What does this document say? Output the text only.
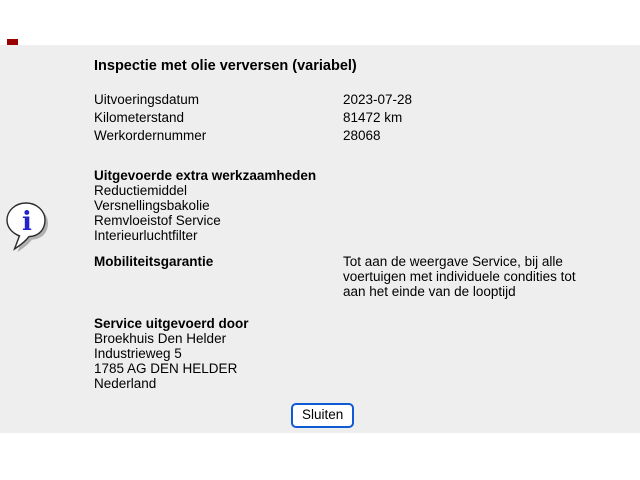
Inspectie met olie verversen (variabel)
Uitvoeringsdatum	2023-07-28
Kilometerstand	81472 km
Werkordernummer	28068
Uitgevoerde extra werkzaamheden
Reductiemiddel
Versnellingsbakolie
Remvloeistof Service
Interieurluchtfilter
Mobiliteitsgarantie	Tot aan de weergave Service, bij alle
voertuigen met individuele condities tot
aan het einde van de looptijd
Service uitgevoerd door
Broekhuis Den Helder
Industrieweg 5
1785 AG DEN HELDER
Nederland
Sluiten
i
